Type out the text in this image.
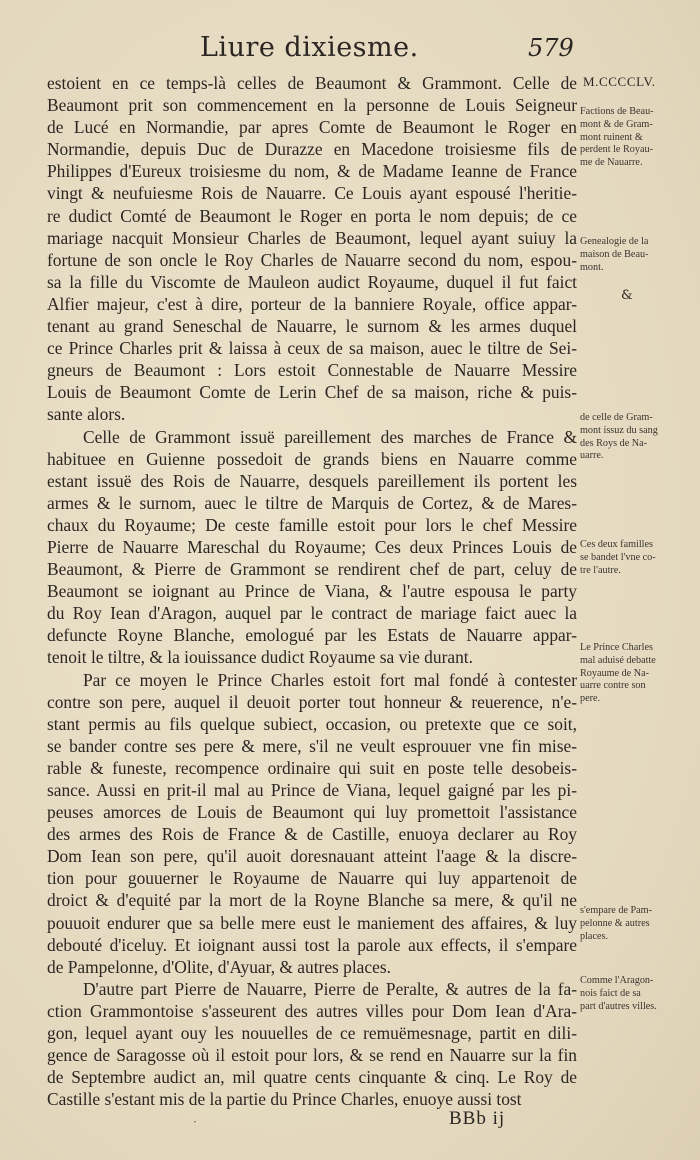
Liure dixiesme.	579
estoient en ce temps-là celles de Beaumont & Grammont. Celle de
Beaumont prit son commencement en la personne de Louis Seigneur
de Lucé en Normandie, par apres Comte de Beaumont le Roger en
Normandie, depuis Duc de Durazze en Macedone troisiesme fils de
Philippes d'Eureux troisiesme du nom, & de Madame Ieanne de France
vingt & neufuiesme Rois de Nauarre. Ce Louis ayant espousé l'heritie-
re dudict Comté de Beaumont le Roger en porta le nom depuis; de ce
mariage nacquit Monsieur Charles de Beaumont, lequel ayant suiuy la
fortune de son oncle le Roy Charles de Nauarre second du nom, espou-
sa la fille du Viscomte de Mauleon audict Royaume, duquel il fut faict
Alfier majeur, c'est à dire, porteur de la banniere Royale, office appar-
tenant au grand Seneschal de Nauarre, le surnom & les armes duquel
ce Prince Charles prit & laissa à ceux de sa maison, auec le tiltre de Sei-
gneurs de Beaumont : Lors estoit Connestable de Nauarre Messire
Louis de Beaumont Comte de Lerin Chef de sa maison, riche & puis-
sante alors.
Celle de Grammont issuë pareillement des marches de France &
habituee en Guienne possedoit de grands biens en Nauarre comme
estant issuë des Rois de Nauarre, desquels pareillement ils portent les
armes & le surnom, auec le tiltre de Marquis de Cortez, & de Mares-
chaux du Royaume; De ceste famille estoit pour lors le chef Messire
Pierre de Nauarre Mareschal du Royaume; Ces deux Princes Louis de
Beaumont, & Pierre de Grammont se rendirent chef de part, celuy de
Beaumont se ioignant au Prince de Viana, & l'autre espousa le party
du Roy Iean d'Aragon, auquel par le contract de mariage faict auec la
defuncte Royne Blanche, emologué par les Estats de Nauarre appar-
tenoit le tiltre, & la iouissance dudict Royaume sa vie durant.
Par ce moyen le Prince Charles estoit fort mal fondé à contester
contre son pere, auquel il deuoit porter tout honneur & reuerence, n'e-
stant permis au fils quelque subiect, occasion, ou pretexte que ce soit,
se bander contre ses pere & mere, s'il ne veult esprouuer vne fin mise-
rable & funeste, recompence ordinaire qui suit en poste telle desobeis-
sance. Aussi en prit-il mal au Prince de Viana, lequel gaigné par les pi-
peuses amorces de Louis de Beaumont qui luy promettoit l'assistance
des armes des Rois de France & de Castille, enuoya declarer au Roy
Dom Iean son pere, qu'il auoit doresnauant atteint l'aage & la discre-
tion pour gouuerner le Royaume de Nauarre qui luy appartenoit de
droict & d'equité par la mort de la Royne Blanche sa mere, & qu'il ne
pouuoit endurer que sa belle mere eust le maniement des affaires, & luy
debouté d'iceluy. Et ioignant aussi tost la parole aux effects, il s'empare
de Pampelonne, d'Olite, d'Ayuar, & autres places.
D'autre part Pierre de Nauarre, Pierre de Peralte, & autres de la fa-
ction Grammontoise s'asseurent des autres villes pour Dom Iean d'Ara-
gon, lequel ayant ouy les nouuelles de ce remuëmesnage, partit en dili-
gence de Saragosse où il estoit pour lors, & se rend en Nauarre sur la fin
de Septembre audict an, mil quatre cents cinquante & cinq. Le Roy de
Castille s'estant mis de la partie du Prince Charles, enuoye aussi tost
M.CCCCLV.
&
Factions de Beau-
mont & de Gram-
mont ruinent &
perdent le Royau-
me de Nauarre.
Genealogie de la
maison de Beau-
mont.
de celle de Gram-
mont issuz du sang
des Roys de Na-
uarre.
Ces deux familles
se bandet l'vne co-
tre l'autre.
Le Prince Charles
mal aduisé debatte
Royaume de Na-
uarre contre son
pere.
s'empare de Pam-
pelonne & autres
places.
Comme l'Aragon-
nois faict de sa
part d'autres villes.
·	BBb ij
